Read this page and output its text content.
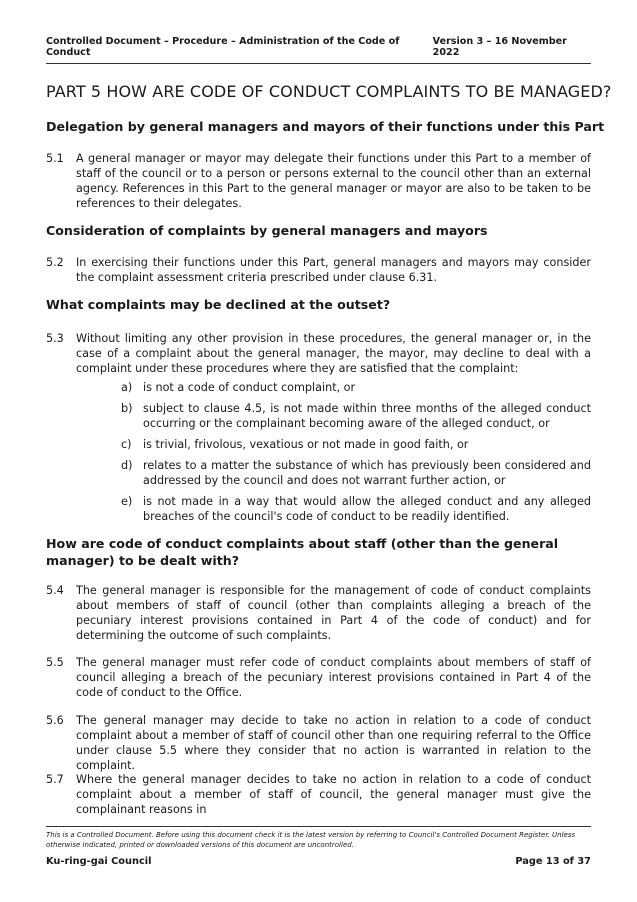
Controlled Document – Procedure – Administration of the Code of Conduct
Version 3 – 16 November 2022
PART 5 HOW ARE CODE OF CONDUCT COMPLAINTS TO BE MANAGED?
Delegation by general managers and mayors of their functions under this Part
5.1 A general manager or mayor may delegate their functions under this Part to a member of staff of the council or to a person or persons external to the council other than an external agency. References in this Part to the general manager or mayor are also to be taken to be references to their delegates.
Consideration of complaints by general managers and mayors
5.2 In exercising their functions under this Part, general managers and mayors may consider the complaint assessment criteria prescribed under clause 6.31.
What complaints may be declined at the outset?
5.3 Without limiting any other provision in these procedures, the general manager or, in the case of a complaint about the general manager, the mayor, may decline to deal with a complaint under these procedures where they are satisfied that the complaint:
a) is not a code of conduct complaint, or
b) subject to clause 4.5, is not made within three months of the alleged conduct occurring or the complainant becoming aware of the alleged conduct, or
c) is trivial, frivolous, vexatious or not made in good faith, or
d) relates to a matter the substance of which has previously been considered and addressed by the council and does not warrant further action, or
e) is not made in a way that would allow the alleged conduct and any alleged breaches of the council's code of conduct to be readily identified.
How are code of conduct complaints about staff (other than the general manager) to be dealt with?
5.4 The general manager is responsible for the management of code of conduct complaints about members of staff of council (other than complaints alleging a breach of the pecuniary interest provisions contained in Part 4 of the code of conduct) and for determining the outcome of such complaints.
5.5 The general manager must refer code of conduct complaints about members of staff of council alleging a breach of the pecuniary interest provisions contained in Part 4 of the code of conduct to the Office.
5.6 The general manager may decide to take no action in relation to a code of conduct complaint about a member of staff of council other than one requiring referral to the Office under clause 5.5 where they consider that no action is warranted in relation to the complaint.
5.7 Where the general manager decides to take no action in relation to a code of conduct complaint about a member of staff of council, the general manager must give the complainant reasons in
This is a Controlled Document. Before using this document check it is the latest version by referring to Council's Controlled Document Register. Unless otherwise indicated, printed or downloaded versions of this document are uncontrolled.
Ku-ring-gai Council	Page 13 of 37
